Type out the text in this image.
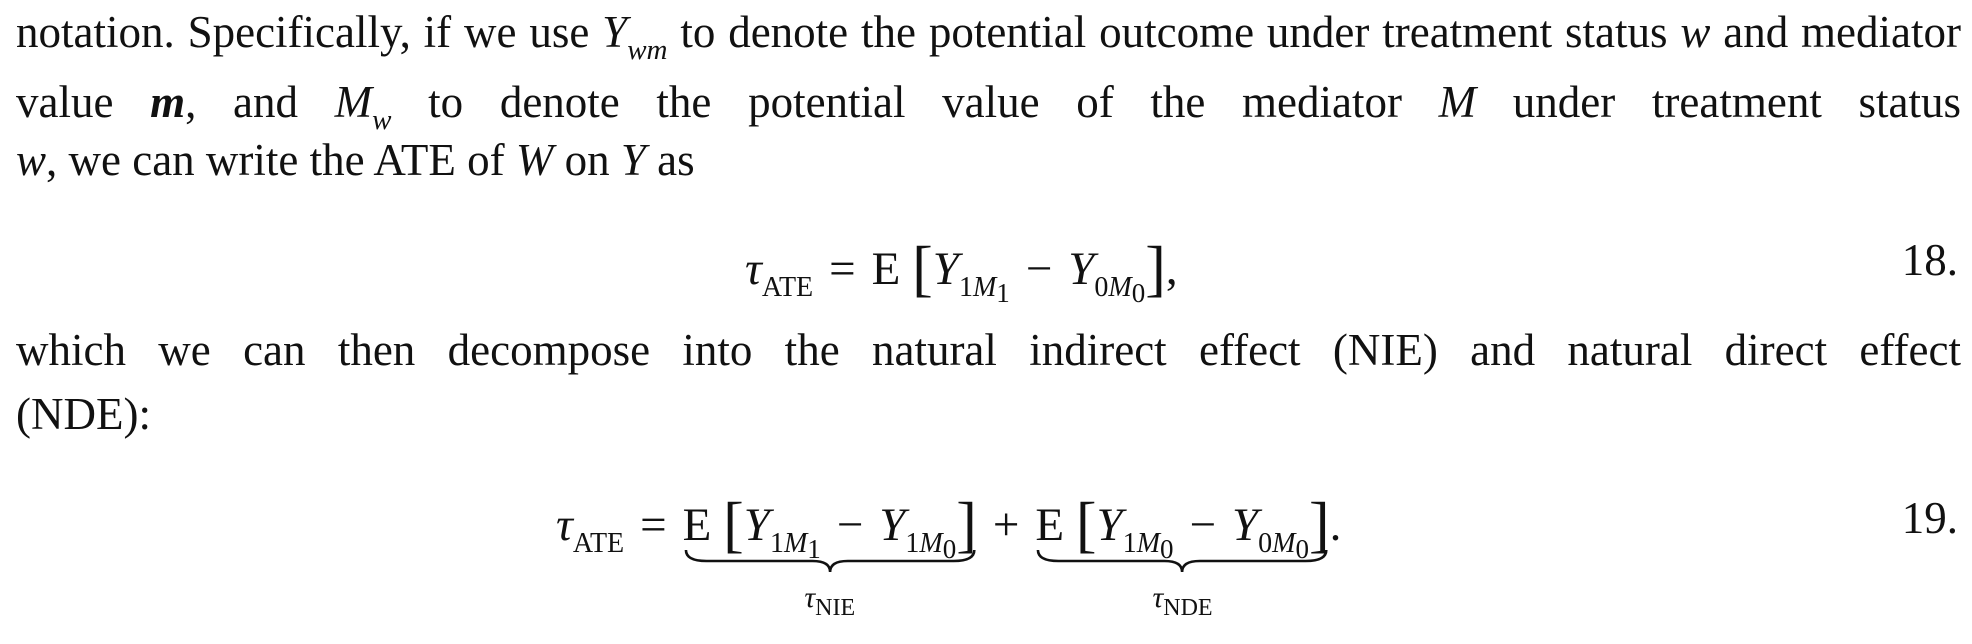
notation. Specifically, if we use $Y_{wm}$ to denote the potential outcome under treatment status w and mediator value m, and $M_w$ to denote the potential value of the mediator M under treatment status
w, we can write the ATE of W on Y as
$\tau_{ATE} = E$ $[Y_{1M1} - Y_{0M0}]$,	18.
which we can then decompose into the natural indirect effect (NIE) and natural direct effect
(NDE):
$\tau_{ATE} = E$ $[Y_{1M1} - Y_{1M0}]$
$\tau_{NIE}$
+ E $[Y_{1M0} - Y_{0M0}]$
$\tau_{NDE}$
.	19.
